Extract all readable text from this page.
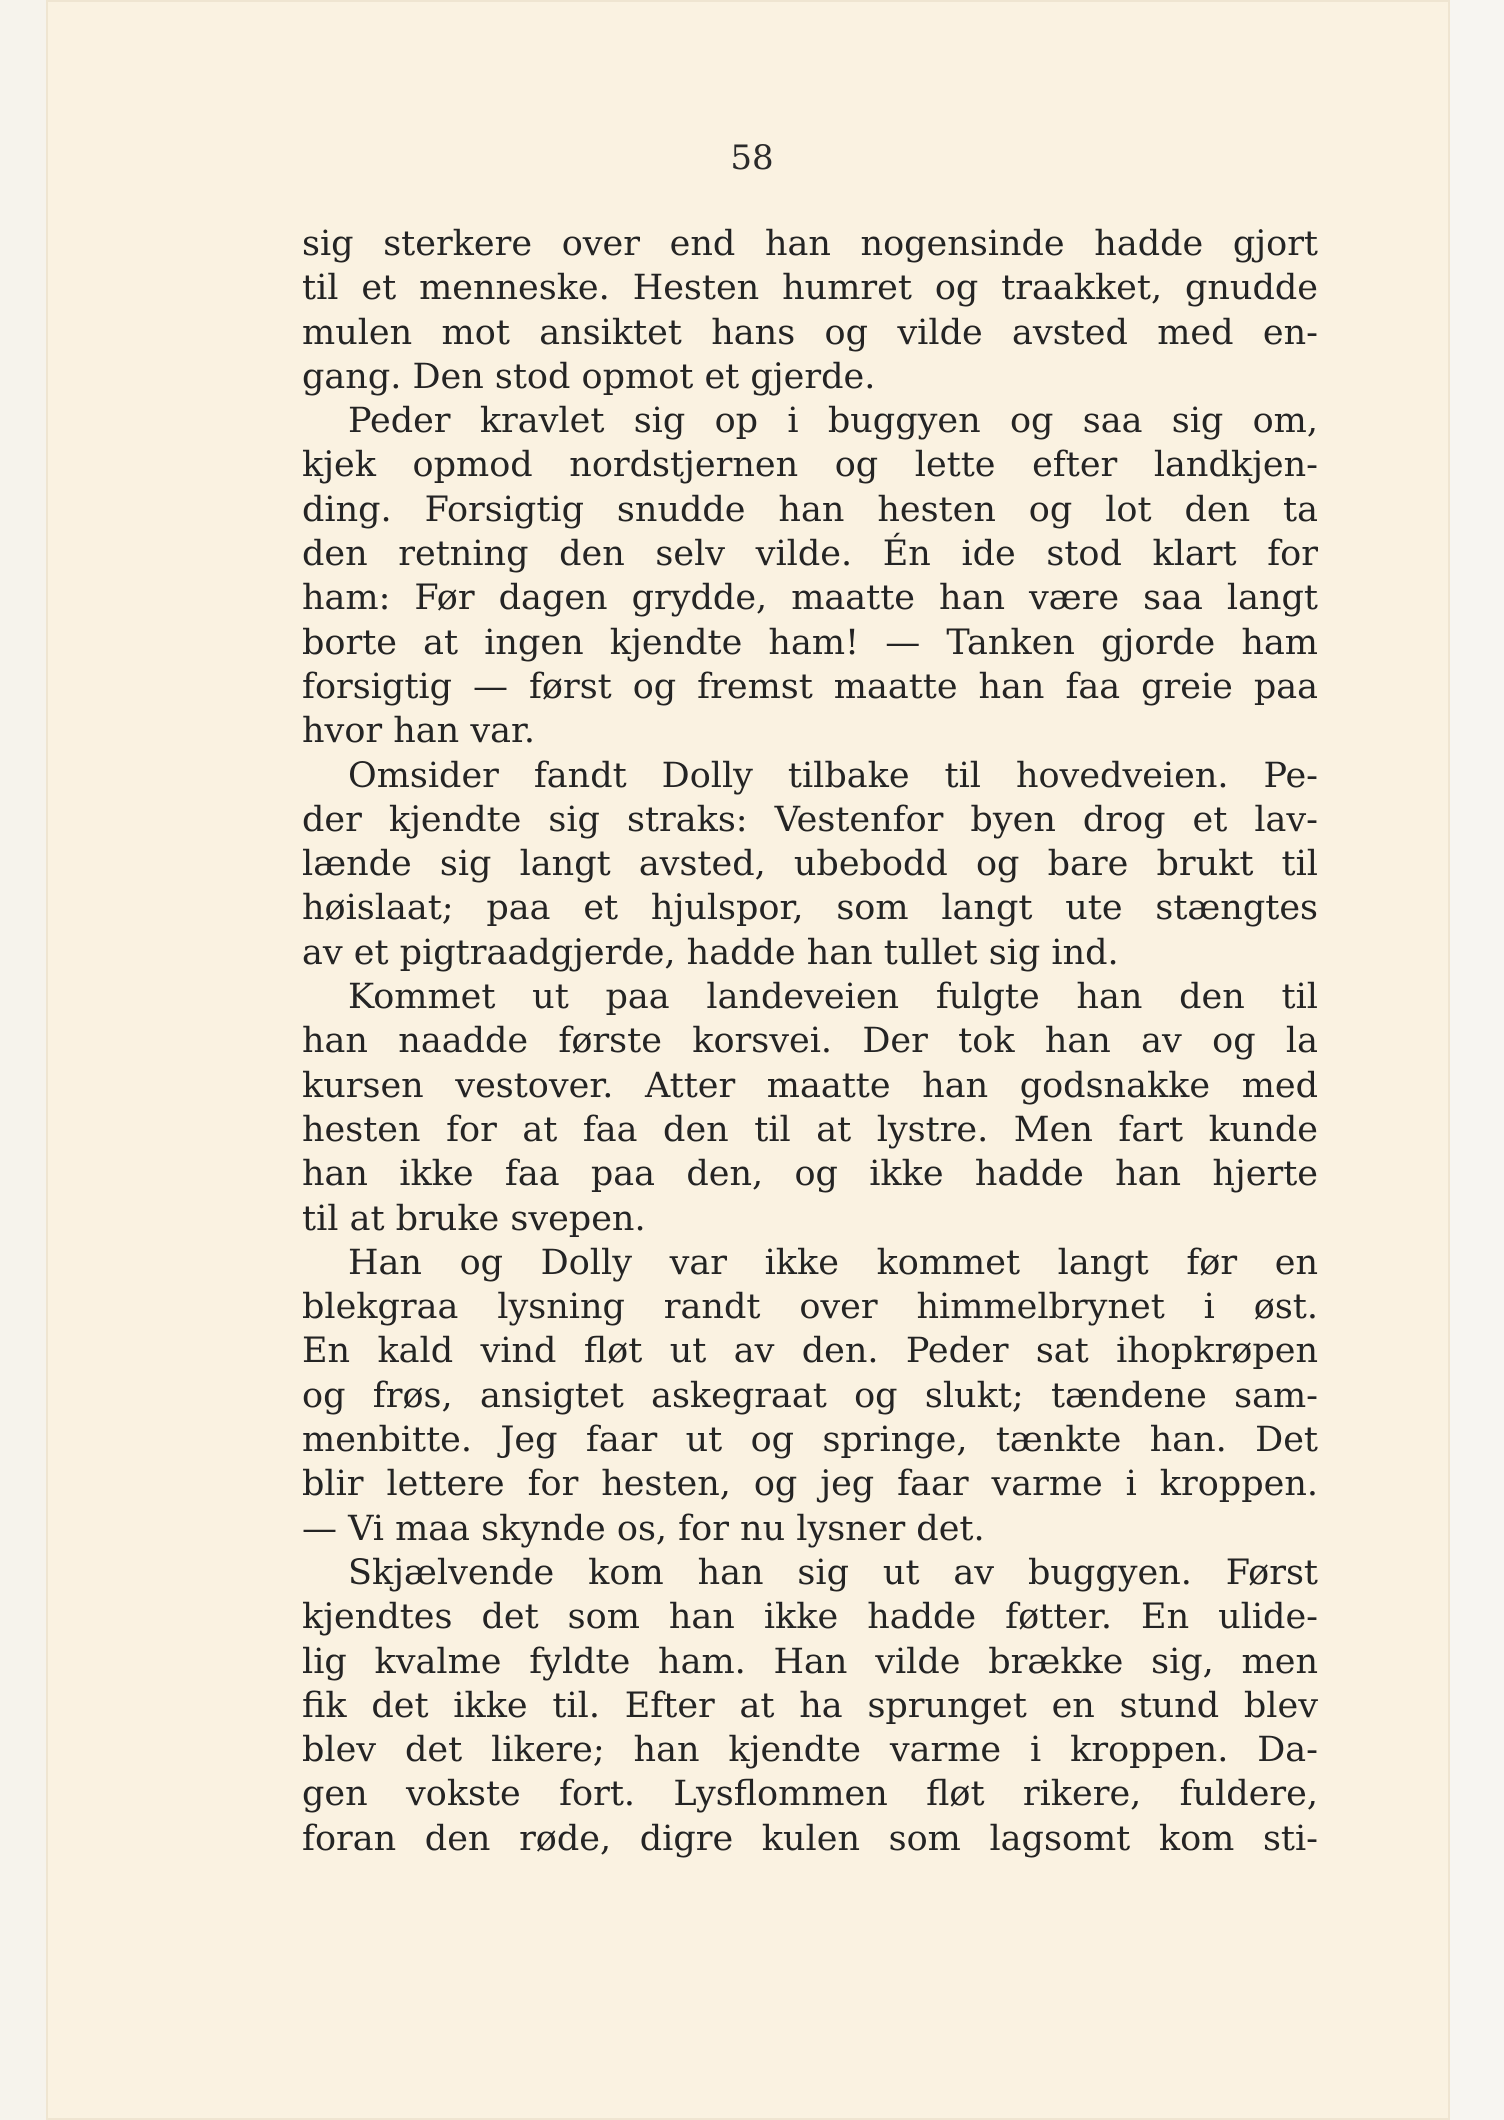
58

sig sterkere over end han nogensinde hadde gjort
til et menneske. Hesten humret og traakket, gnudde
mulen mot ansiktet hans og vilde avsted med en-
gang. Den stod opmot et gjerde.
Peder kravlet sig op i buggyen og saa sig om,
kjek opmod nordstjernen og lette efter landkjen-
ding. Forsigtig snudde han hesten og lot den ta
den retning den selv vilde. Én ide stod klart for
ham: Før dagen grydde, maatte han være saa langt
borte at ingen kjendte ham! — Tanken gjorde ham
forsigtig — først og fremst maatte han faa greie paa
hvor han var.
Omsider fandt Dolly tilbake til hovedveien. Pe-
der kjendte sig straks: Vestenfor byen drog et lav-
lænde sig langt avsted, ubebodd og bare brukt til
høislaat; paa et hjulspor, som langt ute stængtes
av et pigtraadgjerde, hadde han tullet sig ind.
Kommet ut paa landeveien fulgte han den til
han naadde første korsvei. Der tok han av og la
kursen vestover. Atter maatte han godsnakke med
hesten for at faa den til at lystre. Men fart kunde
han ikke faa paa den, og ikke hadde han hjerte
til at bruke svepen.
Han og Dolly var ikke kommet langt før en
blekgraa lysning randt over himmelbrynet i øst.
En kald vind fløt ut av den. Peder sat ihopkrøpen
og frøs, ansigtet askegraat og slukt; tændene sam-
menbitte. Jeg faar ut og springe, tænkte han. Det
blir lettere for hesten, og jeg faar varme i kroppen.
— Vi maa skynde os, for nu lysner det.
Skjælvende kom han sig ut av buggyen. Først
kjendtes det som han ikke hadde føtter. En ulide-
lig kvalme fyldte ham. Han vilde brække sig, men
fik det ikke til. Efter at ha sprunget en stund blev
blev det likere; han kjendte varme i kroppen. Da-
gen vokste fort. Lysflommen fløt rikere, fuldere,
foran den røde, digre kulen som lagsomt kom sti-
